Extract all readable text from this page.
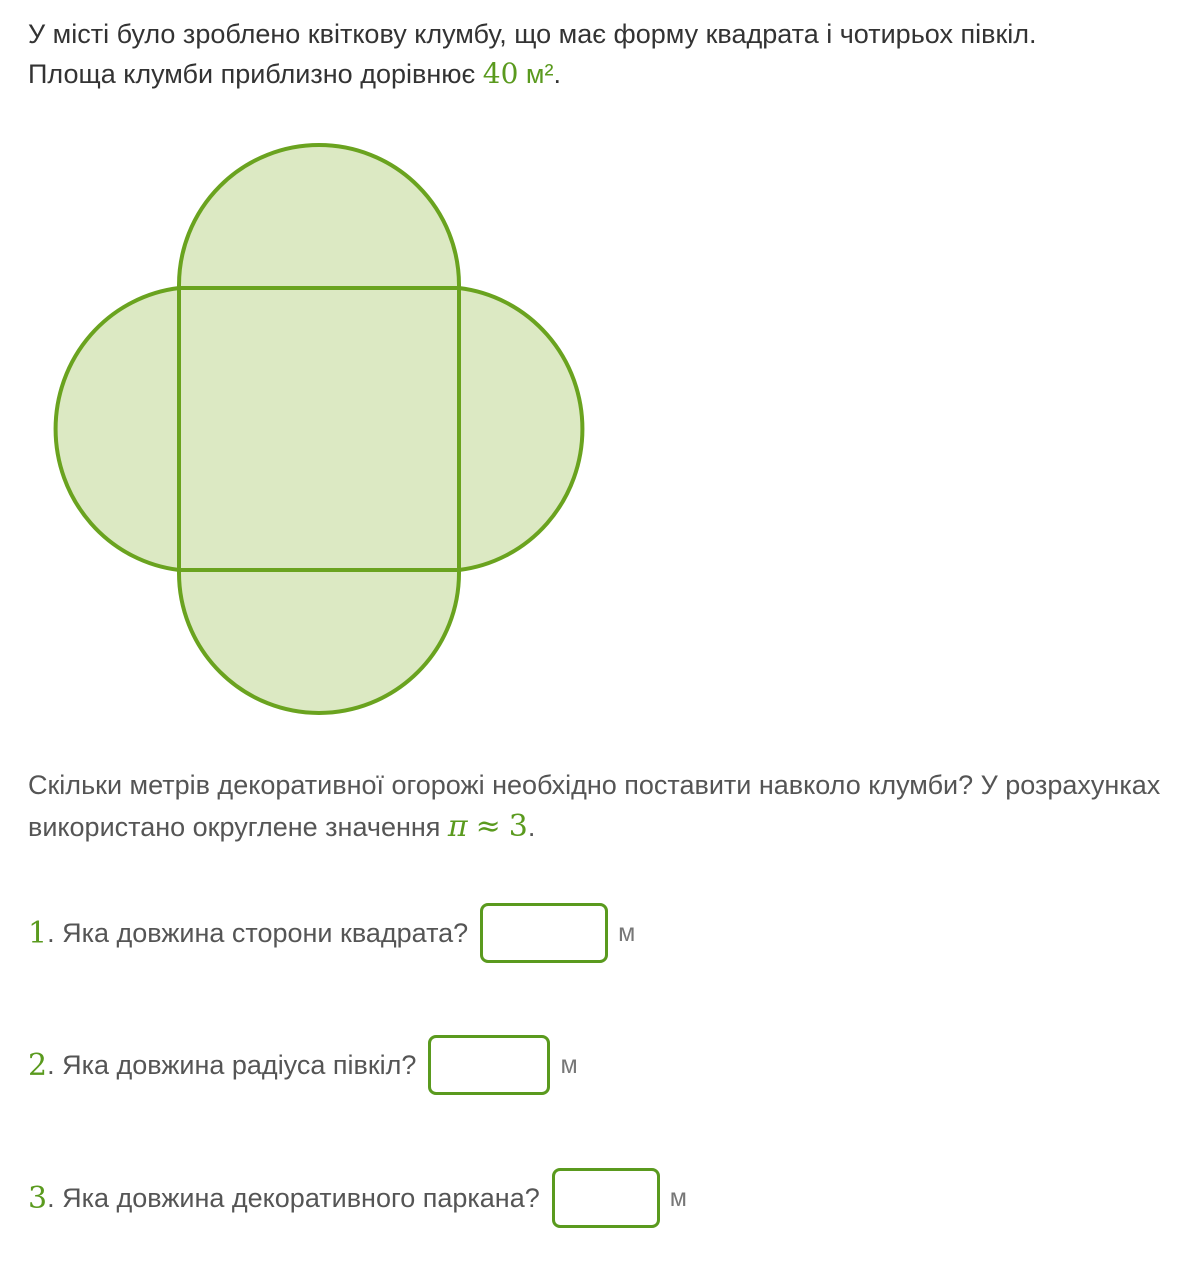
У місті було зроблено квіткову клумбу, що має форму квадрата і чотирьох півкіл.
Площа клумби приблизно дорівнює 40 м².
Скільки метрів декоративної огорожі необхідно поставити навколо клумби? У розрахунках
використано округлене значення π ≈ 3.
1 . Яка довжина сторони квадрата?	м
2 . Яка довжина радіуса півкіл?	м
3 . Яка довжина декоративного паркана?	м
